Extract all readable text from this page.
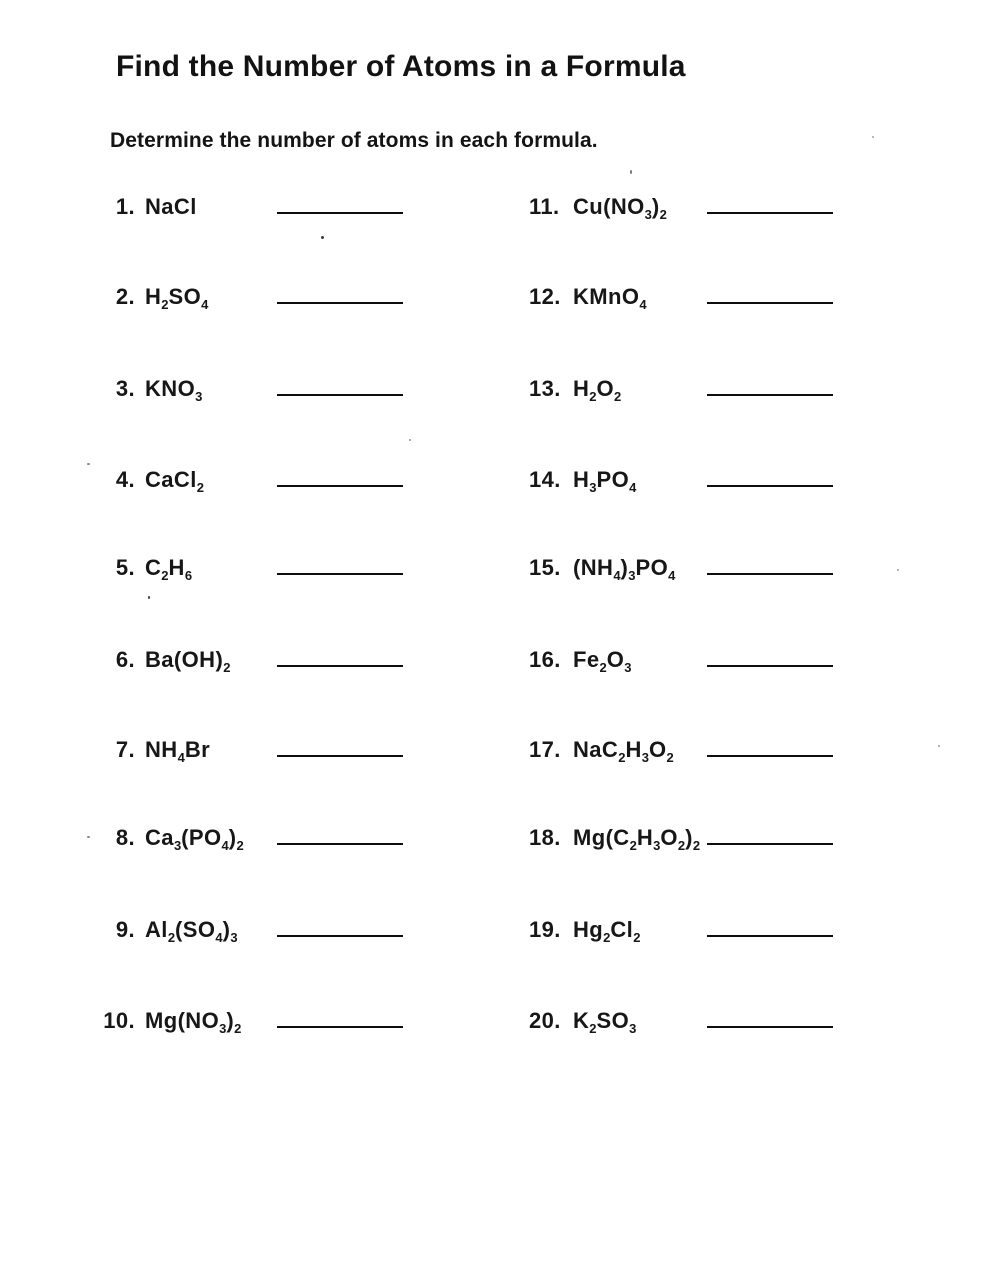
Find the Number of Atoms in a Formula
Determine the number of atoms in each formula.
1. NaCl	11. $Cu(NO_3)_2$
2. $H_2SO_4$	12. KMnO$_4$
3. $KNO_3$	13. $H_2O_2$
4. CaCl$_2$	14. $H_3PO_4$
5. $C_2H_6$	15. $(NH_4)_3PO_4$
6. $Ba(OH)_2$	16. $Fe_2O_3$
7. $NH_4Br$	17. $NaC_2H_3O_2$
8. $Ca_3(PO_4)_2$	18. $Mg(C_2H_3O_2)_2$
9. $Al_2(SO_4)_3$	19. $Hg_2Cl_2$
10. $Mg(NO_3)_2$	20. $K_2SO_3$
